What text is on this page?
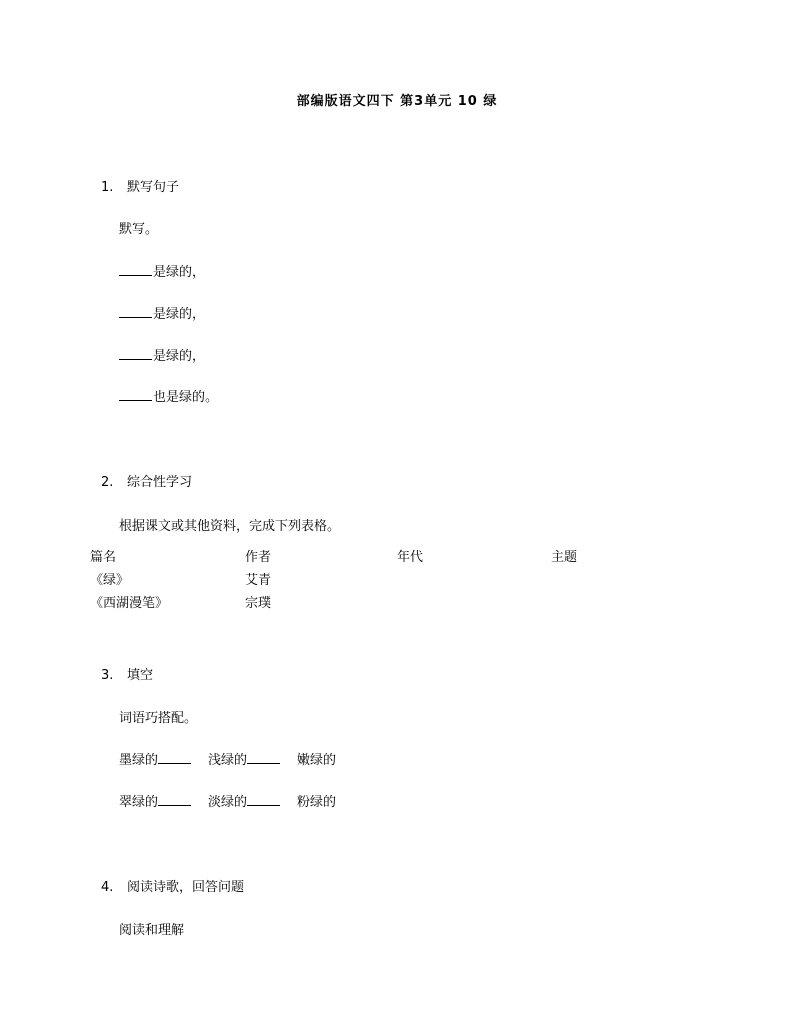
部编版语文四下 第3单元 10 绿
1. 默写句子
默写。
是绿的，
是绿的，
是绿的，
也是绿的。
2. 综合性学习
根据课文或其他资料，完成下列表格。
篇名	作者	年代	主题
《绿》	艾青
《西湖漫笔》	宗璞
3. 填空
词语巧搭配。
墨绿的	浅绿的	嫩绿的
翠绿的	淡绿的	粉绿的
4. 阅读诗歌，回答问题
阅读和理解
